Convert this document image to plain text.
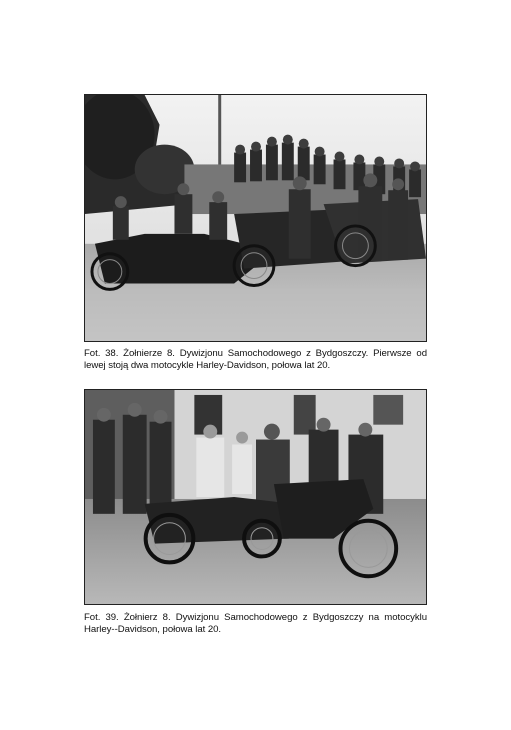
Fot. 38. Żołnierze 8. Dywizjonu Samochodowego z Bydgoszczy. Pierwsze od lewej stoją dwa motocykle Harley-Davidson, połowa lat 20.
Fot. 39. Żołnierz 8. Dywizjonu Samochodowego z Bydgoszczy na motocyklu Harley--Davidson, połowa lat 20.
